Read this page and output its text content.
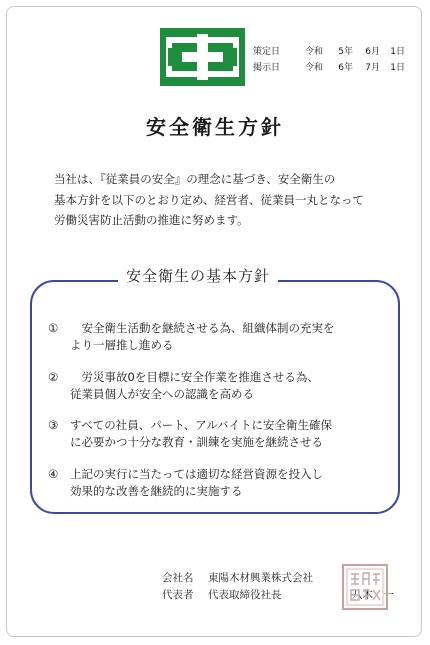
策定日	令和	5年	6月	1日
掲示日	令和	6年	7月	1日
安全衛生方針
当社は、『従業員の安全』の理念に基づき、安全衛生の
基本方針を以下のとおり定め、経営者、従業員一丸となって
労働災害防止活動の推進に努めます。
安全衛生の基本方針
①	　安全衛生活動を継続させる為、組織体制の充実を
より一層推し進める
②	　労災事故0を目標に安全作業を推進させる為、
従業員個人が安全への認識を高める
③	すべての社員、パート、アルバイトに安全衛生確保
に必要かつ十分な教育・訓練を実施を継続させる
④	上記の実行に当たっては適切な経営資源を投入し
効果的な改善を継続的に実施する
会社名	東陽木材興業株式会社
代表者	代表取締役社長	八木　一
